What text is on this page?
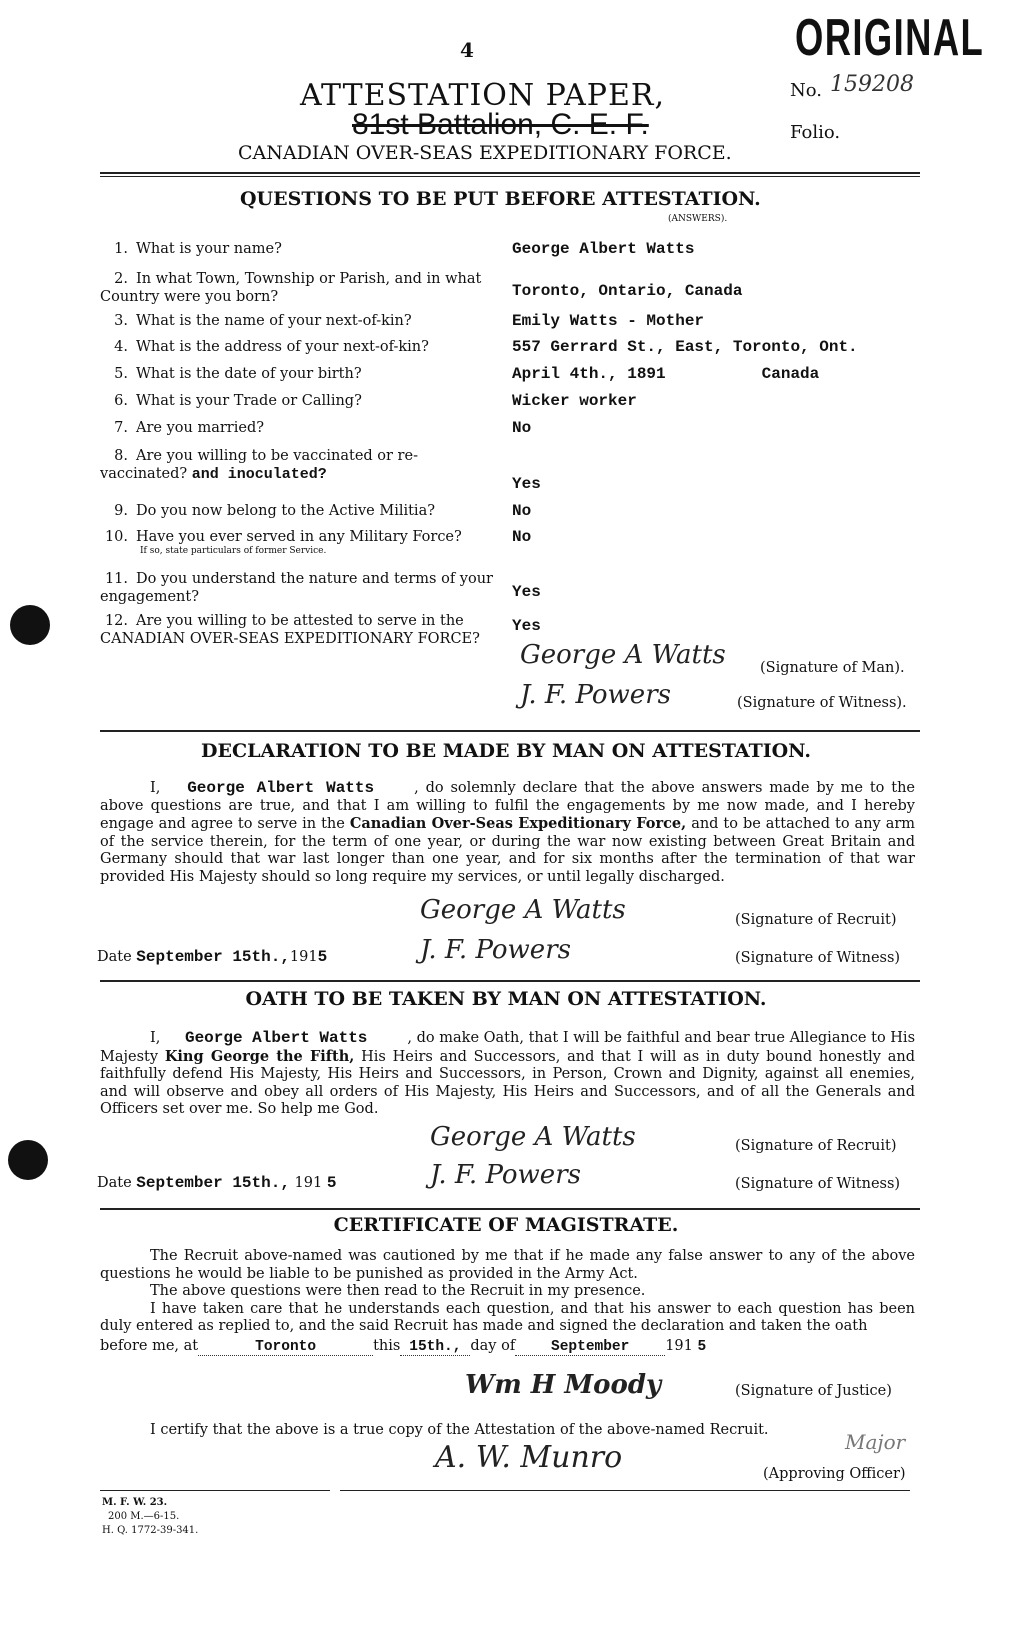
4	ORIGINAL
No. 159208
Folio.
ATTESTATION PAPER,
81st Battalion, C. E. F.
CANADIAN OVER-SEAS EXPEDITIONARY FORCE.
QUESTIONS TO BE PUT BEFORE ATTESTATION.
(ANSWERS).
1. What is your name?	George Albert Watts
2. In what Town, Township or Parish, and in what Country were you born?	Toronto, Ontario, Canada
3. What is the name of your next-of-kin?	Emily Watts - Mother
4. What is the address of your next-of-kin?	557 Gerrard St., East, Toronto, Ont.
5. What is the date of your birth?	April 4th., 1891          Canada
6. What is your Trade or Calling?	Wicker worker
7. Are you married?	No
8. Are you willing to be vaccinated or re-vaccinated? and inoculated?
Yes
9. Do you now belong to the Active Militia?	No
10. Have you ever served in any Military Force?
If so, state particulars of former Service.
No
11. Do you understand the nature and terms of your engagement?	Yes
12. Are you willing to be attested to serve in the CANADIAN OVER-SEAS EXPEDITIONARY FORCE?
Yes
George A Watts (Signature of Man).
J. F. Powers	(Signature of Witness).
DECLARATION TO BE MADE BY MAN ON ATTESTATION.
I, George Albert Watts	, do solemnly declare that the above answers made by me to the above questions are true, and that I am willing to fulfil the engagements by me now made, and I hereby engage and agree to serve in the Canadian Over-Seas Expeditionary Force, and to be attached to any arm of the service therein, for the term of one year, or during the war now existing between Great Britain and Germany should that war last longer than one year, and for six months after the termination of that war provided His Majesty should so long require my services, or until legally discharged.
George A Watts	(Signature of Recruit)
Date September 15th.,1915	J. F. Powers	(Signature of Witness)
OATH TO BE TAKEN BY MAN ON ATTESTATION.
I, George Albert Watts	, do make Oath, that I will be faithful and bear true Allegiance to His Majesty King George the Fifth, His Heirs and Successors, and that I will as in duty bound honestly and faithfully defend His Majesty, His Heirs and Successors, in Person, Crown and Dignity, against all enemies, and will observe and obey all orders of His Majesty, His Heirs and Successors, and of all the Generals and Officers set over me. So help me God.
George A Watts	(Signature of Recruit)
Date September 15th., 191 5	J. F. Powers	(Signature of Witness)
CERTIFICATE OF MAGISTRATE.
The Recruit above-named was cautioned by me that if he made any false answer to any of the above questions he would be liable to be punished as provided in the Army Act.
The above questions were then read to the Recruit in my presence.
I have taken care that he understands each question, and that his answer to each question has been duly entered as replied to, and the said Recruit has made and signed the declaration and taken the oath
before me, at	Toronto	this 15th., day of September 191 5
Wm H Moody	(Signature of Justice)
I certify that the above is a true copy of the Attestation of the above-named Recruit.
A. W. Munro	Major
(Approving Officer)
M. F. W. 23.
200 M.—6-15.
H. Q. 1772-39-341.
